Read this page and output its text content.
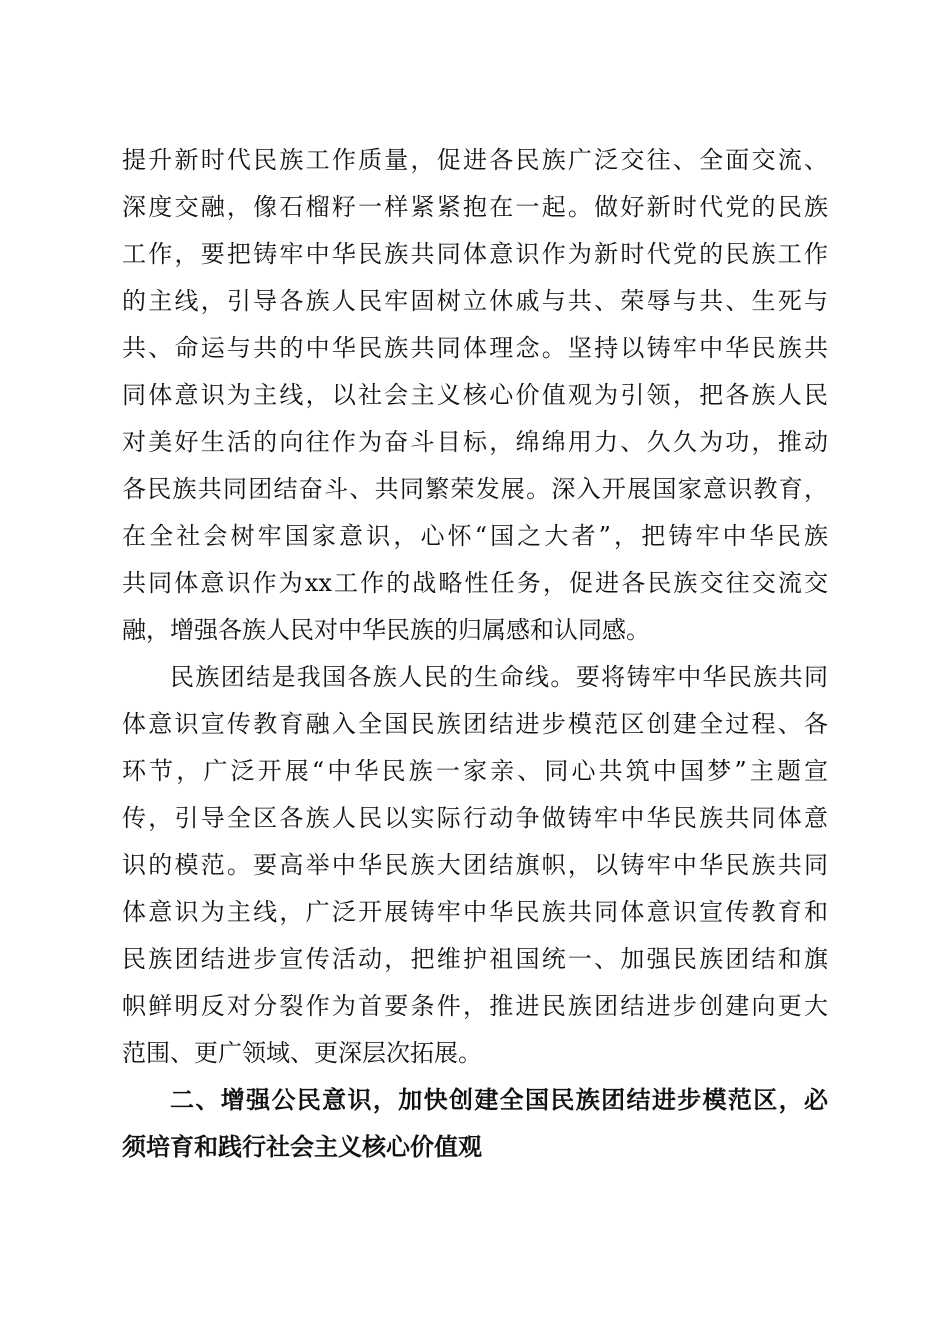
提升新时代民族工作质量，促进各民族广泛交往、全面交流、

深度交融，像石榴籽一样紧紧抱在一起。做好新时代党的民族

工作，要把铸牢中华民族共同体意识作为新时代党的民族工作

的主线，引导各族人民牢固树立休戚与共、荣辱与共、生死与

共、命运与共的中华民族共同体理念。坚持以铸牢中华民族共

同体意识为主线，以社会主义核心价值观为引领，把各族人民

对美好生活的向往作为奋斗目标，绵绵用力、久久为功，推动

各民族共同团结奋斗、共同繁荣发展。深入开展国家意识教育，

在全社会树牢国家意识，心怀“国之大者”，把铸牢中华民族

共同体意识作为xx工作的战略性任务，促进各民族交往交流交

融，增强各族人民对中华民族的归属感和认同感。

民族团结是我国各族人民的生命线。要将铸牢中华民族共同

体意识宣传教育融入全国民族团结进步模范区创建全过程、各

环节，广泛开展“中华民族一家亲、同心共筑中国梦”主题宣

传，引导全区各族人民以实际行动争做铸牢中华民族共同体意

识的模范。要高举中华民族大团结旗帜，以铸牢中华民族共同

体意识为主线，广泛开展铸牢中华民族共同体意识宣传教育和

民族团结进步宣传活动，把维护祖国统一、加强民族团结和旗

帜鲜明反对分裂作为首要条件，推进民族团结进步创建向更大

范围、更广领域、更深层次拓展。

二、增强公民意识，加快创建全国民族团结进步模范区，必

须培育和践行社会主义核心价值观
